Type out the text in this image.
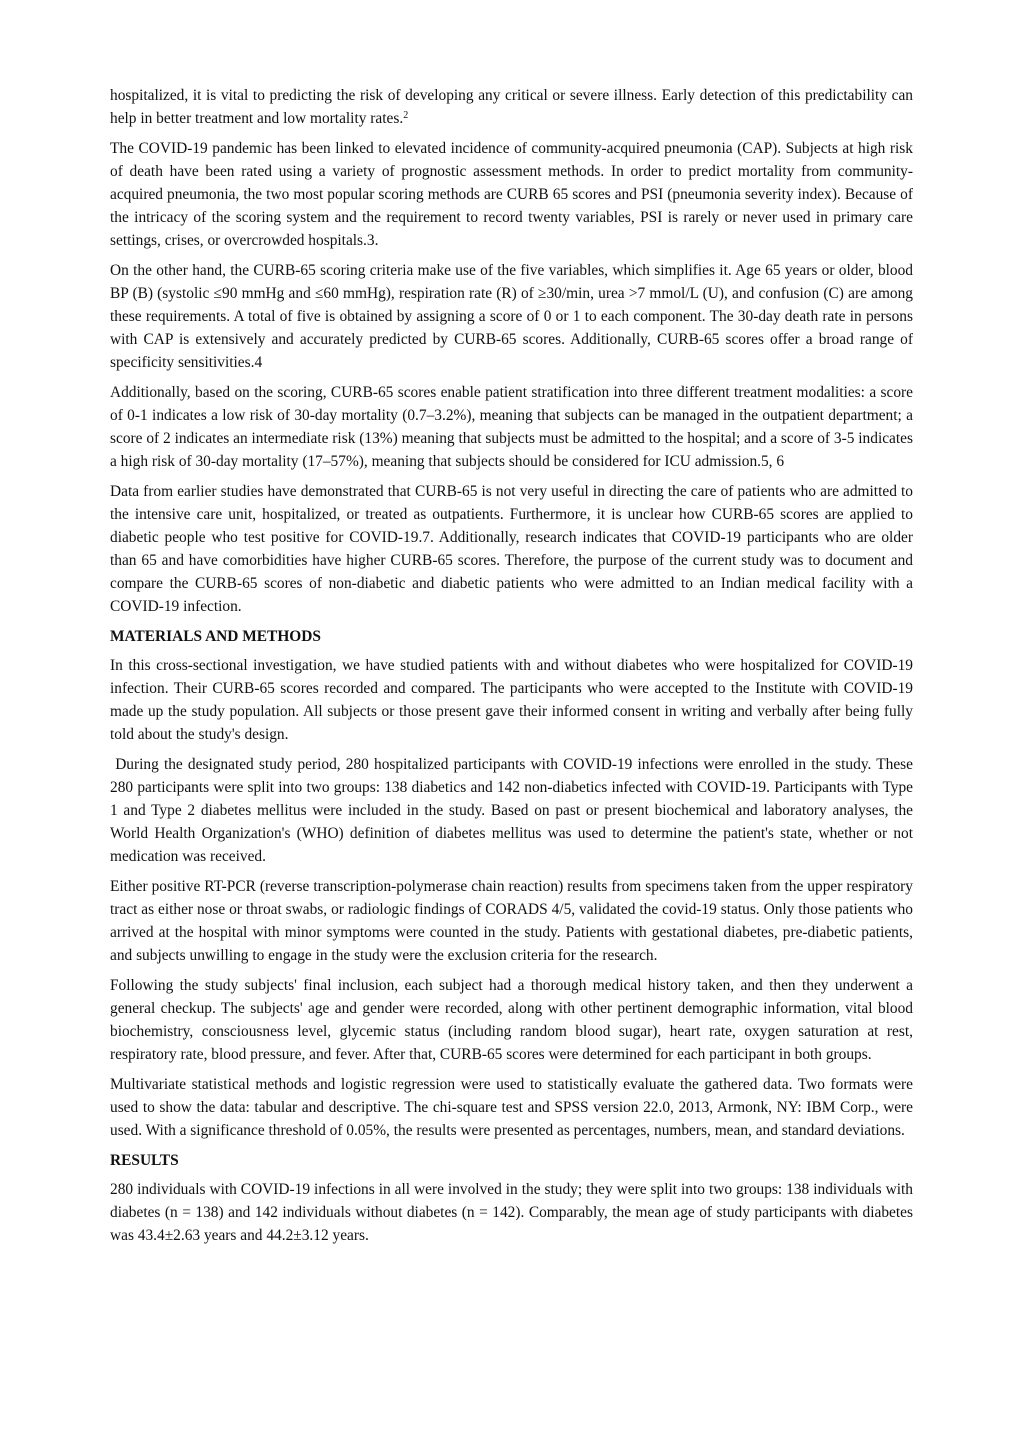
hospitalized, it is vital to predicting the risk of developing any critical or severe illness. Early detection of this predictability can help in better treatment and low mortality rates.$^2$

The COVID-19 pandemic has been linked to elevated incidence of community-acquired pneumonia (CAP). Subjects at high risk of death have been rated using a variety of prognostic assessment methods. In order to predict mortality from community-acquired pneumonia, the two most popular scoring methods are CURB 65 scores and PSI (pneumonia severity index). Because of the intricacy of the scoring system and the requirement to record twenty variables, PSI is rarely or never used in primary care settings, crises, or overcrowded hospitals.3.

On the other hand, the CURB-65 scoring criteria make use of the five variables, which simplifies it. Age 65 years or older, blood BP (B) (systolic ≤90 mmHg and ≤60 mmHg), respiration rate (R) of ≥30/min, urea >7 mmol/L (U), and confusion (C) are among these requirements. A total of five is obtained by assigning a score of 0 or 1 to each component. The 30-day death rate in persons with CAP is extensively and accurately predicted by CURB-65 scores. Additionally, CURB-65 scores offer a broad range of specificity sensitivities.4

Additionally, based on the scoring, CURB-65 scores enable patient stratification into three different treatment modalities: a score of 0-1 indicates a low risk of 30-day mortality (0.7–3.2%), meaning that subjects can be managed in the outpatient department; a score of 2 indicates an intermediate risk (13%) meaning that subjects must be admitted to the hospital; and a score of 3-5 indicates a high risk of 30-day mortality (17–57%), meaning that subjects should be considered for ICU admission.5, 6

Data from earlier studies have demonstrated that CURB-65 is not very useful in directing the care of patients who are admitted to the intensive care unit, hospitalized, or treated as outpatients. Furthermore, it is unclear how CURB-65 scores are applied to diabetic people who test positive for COVID-19.7. Additionally, research indicates that COVID-19 participants who are older than 65 and have comorbidities have higher CURB-65 scores. Therefore, the purpose of the current study was to document and compare the CURB-65 scores of non-diabetic and diabetic patients who were admitted to an Indian medical facility with a COVID-19 infection.

MATERIALS AND METHODS

In this cross-sectional investigation, we have studied patients with and without diabetes who were hospitalized for COVID-19 infection. Their CURB-65 scores recorded and compared. The participants who were accepted to the Institute with COVID-19 made up the study population. All subjects or those present gave their informed consent in writing and verbally after being fully told about the study's design.

During the designated study period, 280 hospitalized participants with COVID-19 infections were enrolled in the study. These 280 participants were split into two groups: 138 diabetics and 142 non-diabetics infected with COVID-19. Participants with Type 1 and Type 2 diabetes mellitus were included in the study. Based on past or present biochemical and laboratory analyses, the World Health Organization's (WHO) definition of diabetes mellitus was used to determine the patient's state, whether or not medication was received.

Either positive RT-PCR (reverse transcription-polymerase chain reaction) results from specimens taken from the upper respiratory tract as either nose or throat swabs, or radiologic findings of CORADS 4/5, validated the covid-19 status. Only those patients who arrived at the hospital with minor symptoms were counted in the study. Patients with gestational diabetes, pre-diabetic patients, and subjects unwilling to engage in the study were the exclusion criteria for the research.

Following the study subjects' final inclusion, each subject had a thorough medical history taken, and then they underwent a general checkup. The subjects' age and gender were recorded, along with other pertinent demographic information, vital blood biochemistry, consciousness level, glycemic status (including random blood sugar), heart rate, oxygen saturation at rest, respiratory rate, blood pressure, and fever. After that, CURB-65 scores were determined for each participant in both groups.

Multivariate statistical methods and logistic regression were used to statistically evaluate the gathered data. Two formats were used to show the data: tabular and descriptive. The chi-square test and SPSS version 22.0, 2013, Armonk, NY: IBM Corp., were used. With a significance threshold of 0.05%, the results were presented as percentages, numbers, mean, and standard deviations.

RESULTS

280 individuals with COVID-19 infections in all were involved in the study; they were split into two groups: 138 individuals with diabetes (n = 138) and 142 individuals without diabetes (n = 142). Comparably, the mean age of study participants with diabetes was 43.4±2.63 years and 44.2±3.12 years.
